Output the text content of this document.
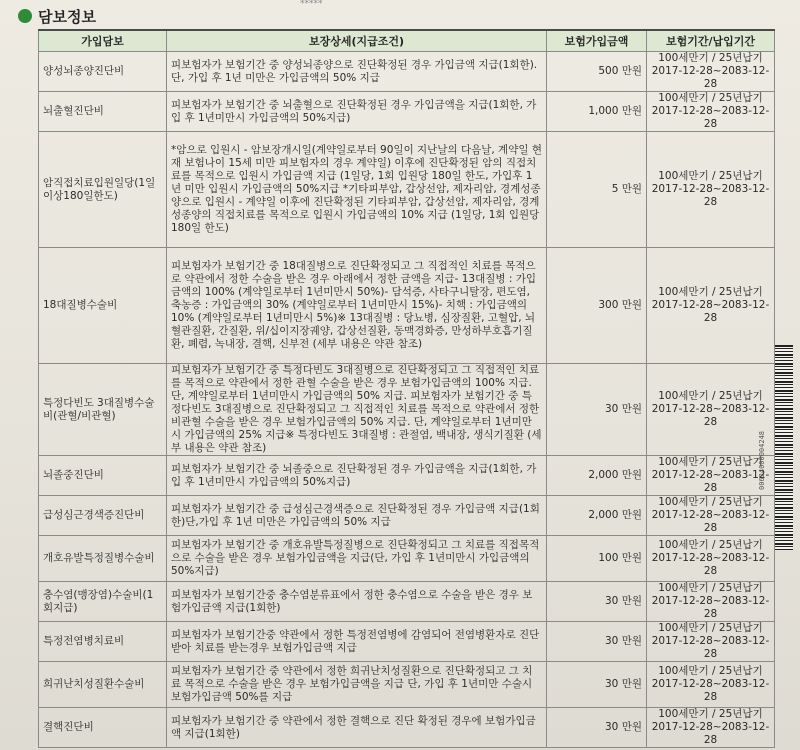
*****
담보정보
가입담보	보장상세(지급조건)	보험가입금액	보험기간/납입기간
양성뇌종양진단비	피보험자가 보험기간 중 양성뇌종양으로 진단확정된 경우 가입금액 지급(1회한). 단, 가입 후 1년 미만은 가입금액의 50% 지급	500 만원	100세만기 / 25년납기
2017-12-28~2083-12-28

뇌출혈진단비	피보험자가 보험기간 중 뇌출혈으로 진단확정된 경우 가입금액을 지급(1회한, 가입 후 1년미만시 가입금액의 50%지급)	1,000 만원	100세만기 / 25년납기
2017-12-28~2083-12-28

암직접치료입원일당(1일이상180일한도)	*암으로 입원시 - 암보장개시일(계약일로부터 90일이 지난날의 다음날, 계약일 현재 보험나이 15세 미만 피보험자의 경우 계약일) 이후에 진단확정된 암의 직접치료를 목적으로 입원시 가입금액 지급 (1일당, 1회 입원당 180일 한도, 가입후 1년 미만 입원시 가입금액의 50%지급 *기타피부암, 갑상선암, 제자리암, 경계성종양으로 입원시 - 계약일 이후에 진단확정된 기타피부암, 갑상선암, 제자리암, 경계성종양의 직접치료를 목적으로 입원시 가입금액의 10% 지급 (1일당, 1회 입원당 180일 한도)	5 만원	100세만기 / 25년납기
2017-12-28~2083-12-28

18대질병수술비	피보험자가 보험기간 중 18대질병으로 진단확정되고 그 직접적인 치료를 목적으로 약관에서 정한 수술을 받은 경우 아래에서 정한 금액을 지급- 13대질병 : 가입금액의 100% (계약일로부터 1년미만시 50%)- 담석증, 사타구니탈장, 편도염, 축농증 : 가입금액의 30% (계약일로부터 1년미만시 15%)- 치핵 : 가입금액의 10% (계약일로부터 1년미만시 5%)※ 13대질병 : 당뇨병, 심장질환, 고혈압, 뇌혈관질환, 간질환, 위/십이지장궤양, 갑상선질환, 동맥경화증, 만성하부호흡기질환, 폐렴, 녹내장, 결핵, 신부전 (세부 내용은 약관 참조)	300 만원	100세만기 / 25년납기
2017-12-28~2083-12-28

특정다빈도 3대질병수술비(관혈/비관혈)	피보험자가 보험기간 중 특정다빈도 3대질병으로 진단확정되고 그 직접적인 치료를 목적으로 약관에서 정한 관혈 수술을 받은 경우 보험가입금액의 100% 지급. 단, 계약일로부터 1년미만시 가입금액의 50% 지급. 피보험자가 보험기간 중 특정다빈도 3대질병으로 진단확정되고 그 직접적인 치료를 목적으로 약관에서 정한 비관혈 수술을 받은 경우 보험가입금액의 50% 지급. 단, 계약일로부터 1년미만시 가입금액의 25% 지급※ 특정다빈도 3대질병 : 관절염, 백내장, 생식기질환 (세부 내용은 약관 참조)	30 만원	100세만기 / 25년납기
2017-12-28~2083-12-28

뇌졸중진단비	피보험자가 보험기간 중 뇌졸중으로 진단확정된 경우 가입금액을 지급(1회한, 가입 후 1년미만시 가입금액의 50%지급)	2,000 만원	100세만기 / 25년납기
2017-12-28~2083-12-28

급성심근경색증진단비	피보험자가 보험기간 중 급성심근경색증으로 진단확정된 경우 가입금액 지급(1회한)단,가입 후 1년 미만은 가입금액의 50% 지급	2,000 만원	100세만기 / 25년납기
2017-12-28~2083-12-28

개호유발특정질병수술비	피보험자가 보험기간 중 개호유발특정질병으로 진단확정되고 그 치료를 직접목적으로 수술을 받은 경우 보험가입금액을 지급(단, 가입 후 1년미만시 가입금액의 50%지급)	100 만원	100세만기 / 25년납기
2017-12-28~2083-12-28

충수염(맹장염)수술비(1회지급)	피보험자가 보험기간중 충수염분류표에서 정한 충수염으로 수술을 받은 경우 보험가입금액 지급(1회한)	30 만원	100세만기 / 25년납기
2017-12-28~2083-12-28

특정전염병치료비	피보험자가 보험기간중 약관에서 정한 특정전염병에 감염되어 전염병환자로 진단받아 치료를 받는경우 보험가입금액 지급	30 만원	100세만기 / 25년납기
2017-12-28~2083-12-28

희귀난치성질환수술비	피보험자가 보험기간 중 약관에서 정한 희귀난치성질환으로 진단확정되고 그 치료 목적으로 수술을 받은 경우 보험가입금액을 지급 단, 가입 후 1년미만 수술시 보험가입금액 50%를 지급	30 만원	100세만기 / 25년납기
2017-12-28~2083-12-28

결핵진단비	피보험자가 보험기간 중 약관에서 정한 결핵으로 진단 확정된 경우에 보험가입금액 지급(1회한)	30 만원	100세만기 / 25년납기
2017-12-28~2083-12-28
00624000004248
